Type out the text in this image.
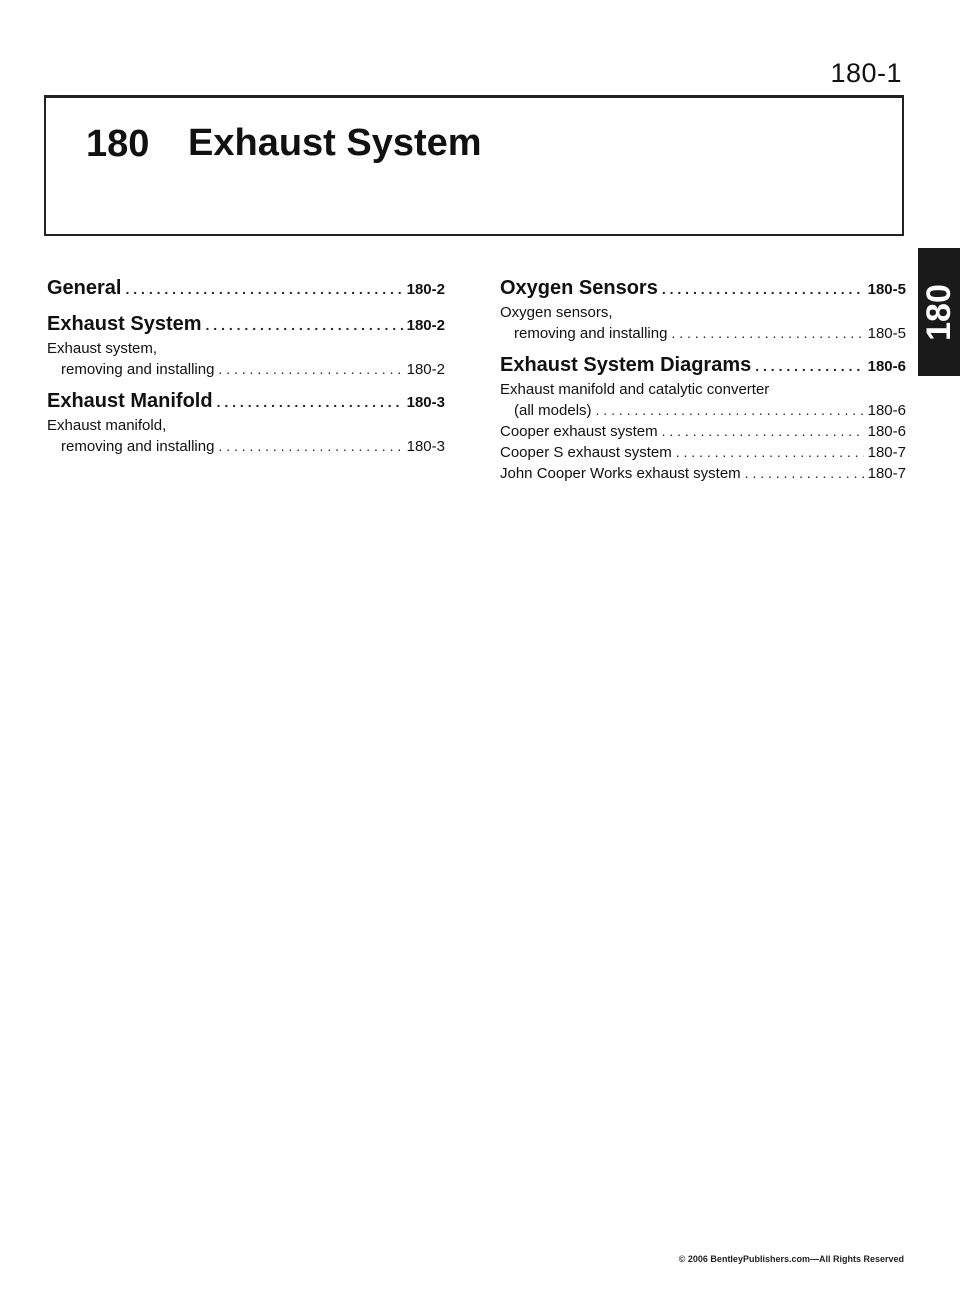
180-1
180 Exhaust System
180
General . . .	180-2
Exhaust System . . .	180-2
Exhaust system,
removing and installing . . .	180-2
Exhaust Manifold . . .	180-3
Exhaust manifold,
removing and installing . . .	180-3
Oxygen Sensors . . .	180-5
Oxygen sensors,
removing and installing . . .	180-5
Exhaust System Diagrams . . .	180-6
Exhaust manifold and catalytic converter
(all models) . . .	180-6
Cooper exhaust system . . .	180-6
Cooper S exhaust system . . .	180-7
John Cooper Works exhaust system . . .	180-7
© 2006 BentleyPublishers.com—All Rights Reserved
